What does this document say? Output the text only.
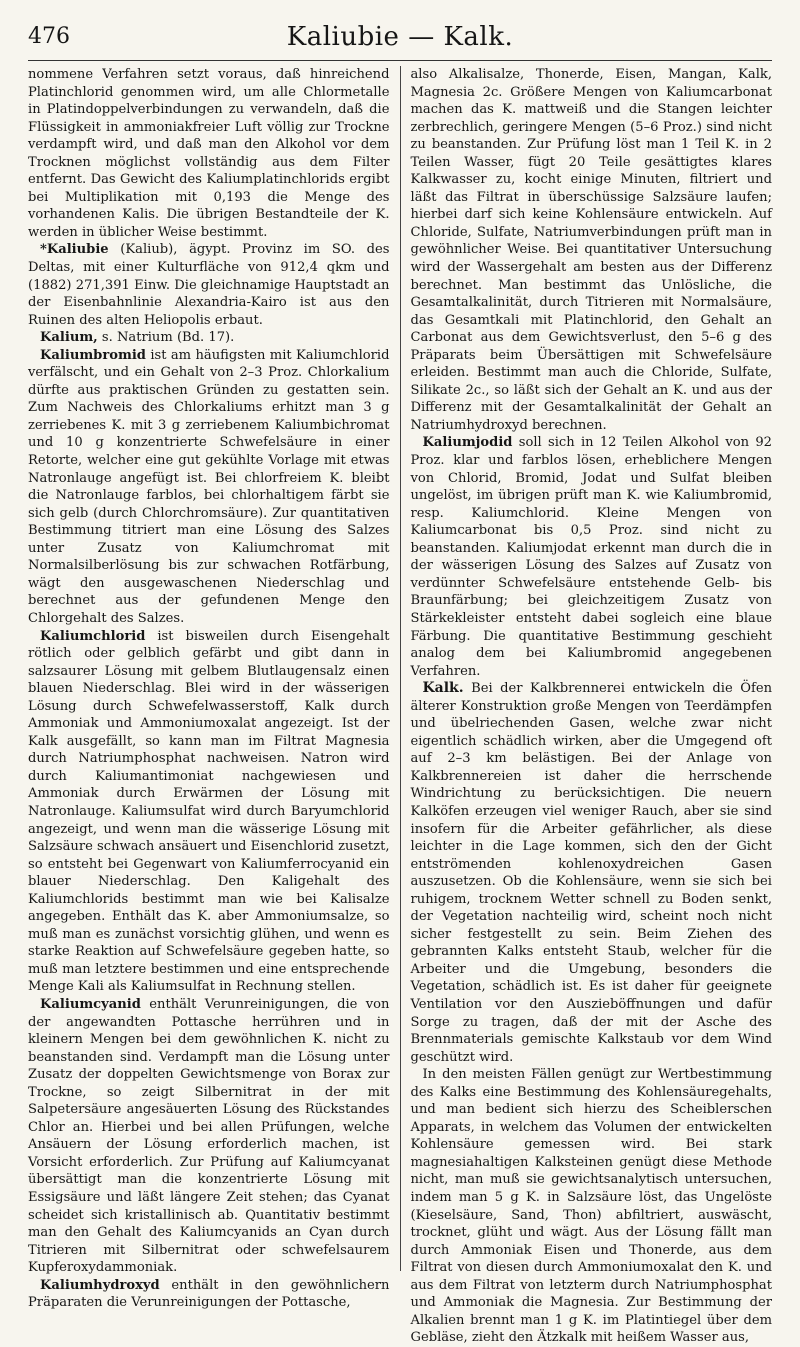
476	Kaliubie — Kalk.

nommene Verfahren setzt voraus, daß hinreichend Platinchlorid genommen wird, um alle Chlormetalle in Platindoppelverbindungen zu verwandeln, daß die Flüssigkeit in ammoniakfreier Luft völlig zur Trockne verdampft wird, und daß man den Alkohol vor dem Trocknen möglichst vollständig aus dem Filter entfernt. Das Gewicht des Kaliumplatinchlorids ergibt bei Multiplikation mit 0,193 die Menge des vorhandenen Kalis. Die übrigen Bestandteile der K. werden in üblicher Weise bestimmt.

*Kaliubie (Kaliub), ägypt. Provinz im SO. des Deltas, mit einer Kulturfläche von 912,4 qkm und (1882) 271,391 Einw. Die gleichnamige Hauptstadt an der Eisenbahnlinie Alexandria-Kairo ist aus den Ruinen des alten Heliopolis erbaut.

Kalium, s. Natrium (Bd. 17).

Kaliumbromid ist am häufigsten mit Kaliumchlorid verfälscht, und ein Gehalt von 2–3 Proz. Chlorkalium dürfte aus praktischen Gründen zu gestatten sein. Zum Nachweis des Chlorkaliums erhitzt man 3 g zerriebenes K. mit 3 g zerriebenem Kaliumbichromat und 10 g konzentrierte Schwefelsäure in einer Retorte, welcher eine gut gekühlte Vorlage mit etwas Natronlauge angefügt ist. Bei chlorfreiem K. bleibt die Natronlauge farblos, bei chlorhaltigem färbt sie sich gelb (durch Chlorchromsäure). Zur quantitativen Bestimmung titriert man eine Lösung des Salzes unter Zusatz von Kaliumchromat mit Normalsilberlösung bis zur schwachen Rotfärbung, wägt den ausgewaschenen Niederschlag und berechnet aus der gefundenen Menge den Chlorgehalt des Salzes.

Kaliumchlorid ist bisweilen durch Eisengehalt rötlich oder gelblich gefärbt und gibt dann in salzsaurer Lösung mit gelbem Blutlaugensalz einen blauen Niederschlag. Blei wird in der wässerigen Lösung durch Schwefelwasserstoff, Kalk durch Ammoniak und Ammoniumoxalat angezeigt. Ist der Kalk ausgefällt, so kann man im Filtrat Magnesia durch Natriumphosphat nachweisen. Natron wird durch Kaliumantimoniat nachgewiesen und Ammoniak durch Erwärmen der Lösung mit Natronlauge. Kaliumsulfat wird durch Baryumchlorid angezeigt, und wenn man die wässerige Lösung mit Salzsäure schwach ansäuert und Eisenchlorid zusetzt, so entsteht bei Gegenwart von Kaliumferrocyanid ein blauer Niederschlag. Den Kaligehalt des Kaliumchlorids bestimmt man wie bei Kalisalze angegeben. Enthält das K. aber Ammoniumsalze, so muß man es zunächst vorsichtig glühen, und wenn es starke Reaktion auf Schwefelsäure gegeben hatte, so muß man letztere bestimmen und eine entsprechende Menge Kali als Kaliumsulfat in Rechnung stellen.

Kaliumcyanid enthält Verunreinigungen, die von der angewandten Pottasche herrühren und in kleinern Mengen bei dem gewöhnlichen K. nicht zu beanstanden sind. Verdampft man die Lösung unter Zusatz der doppelten Gewichtsmenge von Borax zur Trockne, so zeigt Silbernitrat in der mit Salpetersäure angesäuerten Lösung des Rückstandes Chlor an. Hierbei und bei allen Prüfungen, welche Ansäuern der Lösung erforderlich machen, ist Vorsicht erforderlich. Zur Prüfung auf Kaliumcyanat übersättigt man die konzentrierte Lösung mit Essigsäure und läßt längere Zeit stehen; das Cyanat scheidet sich kristallinisch ab. Quantitativ bestimmt man den Gehalt des Kaliumcyanids an Cyan durch Titrieren mit Silbernitrat oder schwefelsaurem Kupferoxydammoniak.

Kaliumhydroxyd enthält in den gewöhnlichern Präparaten die Verunreinigungen der Pottasche,

also Alkalisalze, Thonerde, Eisen, Mangan, Kalk, Magnesia 2c. Größere Mengen von Kaliumcarbonat machen das K. mattweiß und die Stangen leichter zerbrechlich, geringere Mengen (5–6 Proz.) sind nicht zu beanstanden. Zur Prüfung löst man 1 Teil K. in 2 Teilen Wasser, fügt 20 Teile gesättigtes klares Kalkwasser zu, kocht einige Minuten, filtriert und läßt das Filtrat in überschüssige Salzsäure laufen; hierbei darf sich keine Kohlensäure entwickeln. Auf Chloride, Sulfate, Natriumverbindungen prüft man in gewöhnlicher Weise. Bei quantitativer Untersuchung wird der Wassergehalt am besten aus der Differenz berechnet. Man bestimmt das Unlösliche, die Gesamtalkalinität, durch Titrieren mit Normalsäure, das Gesamtkali mit Platinchlorid, den Gehalt an Carbonat aus dem Gewichtsverlust, den 5–6 g des Präparats beim Übersättigen mit Schwefelsäure erleiden. Bestimmt man auch die Chloride, Sulfate, Silikate 2c., so läßt sich der Gehalt an K. und aus der Differenz mit der Gesamtalkalinität der Gehalt an Natriumhydroxyd berechnen.

Kaliumjodid soll sich in 12 Teilen Alkohol von 92 Proz. klar und farblos lösen, erheblichere Mengen von Chlorid, Bromid, Jodat und Sulfat bleiben ungelöst, im übrigen prüft man K. wie Kaliumbromid, resp. Kaliumchlorid. Kleine Mengen von Kaliumcarbonat bis 0,5 Proz. sind nicht zu beanstanden. Kaliumjodat erkennt man durch die in der wässerigen Lösung des Salzes auf Zusatz von verdünnter Schwefelsäure entstehende Gelb- bis Braunfärbung; bei gleichzeitigem Zusatz von Stärkekleister entsteht dabei sogleich eine blaue Färbung. Die quantitative Bestimmung geschieht analog dem bei Kaliumbromid angegebenen Verfahren.

Kalk. Bei der Kalkbrennerei entwickeln die Öfen älterer Konstruktion große Mengen von Teerdämpfen und übelriechenden Gasen, welche zwar nicht eigentlich schädlich wirken, aber die Umgegend oft auf 2–3 km belästigen. Bei der Anlage von Kalkbrennereien ist daher die herrschende Windrichtung zu berücksichtigen. Die neuern Kalköfen erzeugen viel weniger Rauch, aber sie sind insofern für die Arbeiter gefährlicher, als diese leichter in die Lage kommen, sich den der Gicht entströmenden kohlenoxydreichen Gasen auszusetzen. Ob die Kohlensäure, wenn sie sich bei ruhigem, trocknem Wetter schnell zu Boden senkt, der Vegetation nachteilig wird, scheint noch nicht sicher festgestellt zu sein. Beim Ziehen des gebrannten Kalks entsteht Staub, welcher für die Arbeiter und die Umgebung, besonders die Vegetation, schädlich ist. Es ist daher für geeignete Ventilation vor den Auszieböffnungen und dafür Sorge zu tragen, daß der mit der Asche des Brennmaterials gemischte Kalkstaub vor dem Wind geschützt wird.

In den meisten Fällen genügt zur Wertbestimmung des Kalks eine Bestimmung des Kohlensäuregehalts, und man bedient sich hierzu des Scheiblerschen Apparats, in welchem das Volumen der entwickelten Kohlensäure gemessen wird. Bei stark magnesiahaltigen Kalksteinen genügt diese Methode nicht, man muß sie gewichtsanalytisch untersuchen, indem man 5 g K. in Salzsäure löst, das Ungelöste (Kieselsäure, Sand, Thon) abfiltriert, auswäscht, trocknet, glüht und wägt. Aus der Lösung fällt man durch Ammoniak Eisen und Thonerde, aus dem Filtrat von diesen durch Ammoniumoxalat den K. und aus dem Filtrat von letzterm durch Natriumphosphat und Ammoniak die Magnesia. Zur Bestimmung der Alkalien brennt man 1 g K. im Platintiegel über dem Gebläse, zieht den Ätzkalk mit heißem Wasser aus,
